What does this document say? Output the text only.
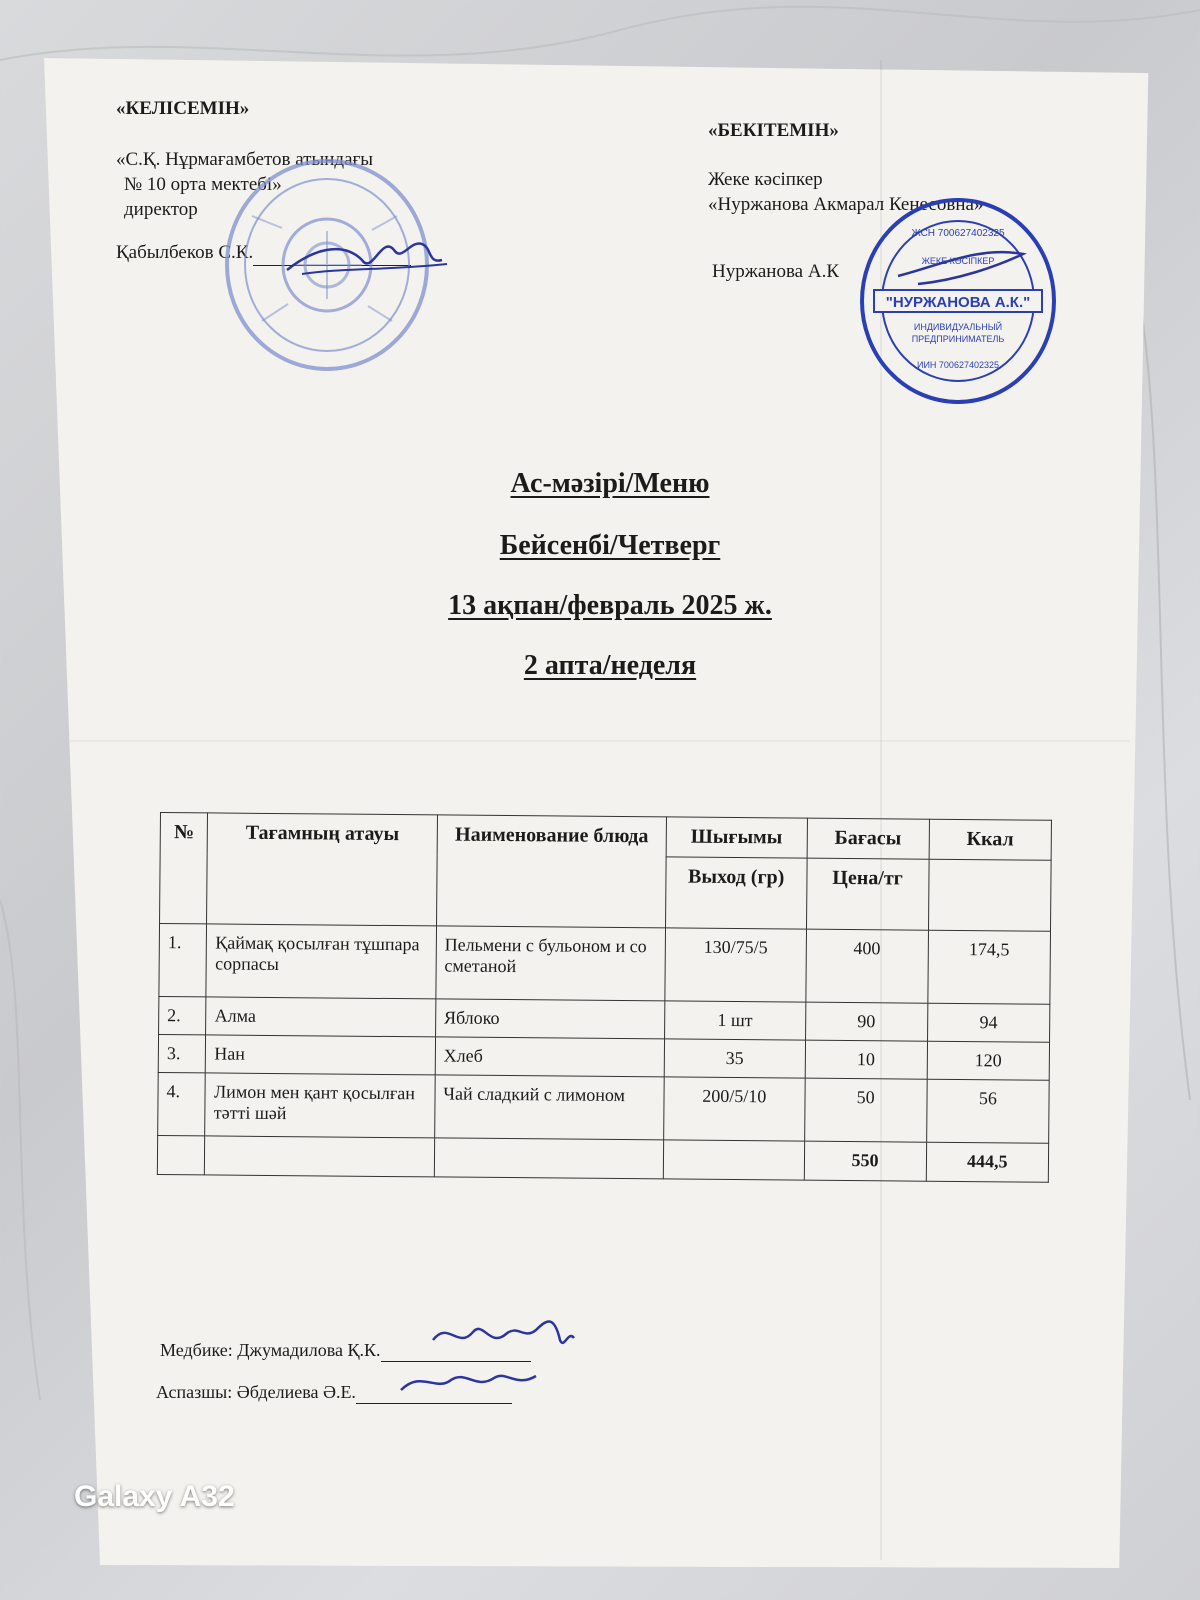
«КЕЛІСЕМІН»
«С.Қ. Нұрмағамбетов атындағы
№ 10 орта мектебі»
директор
Қабылбеков С.К.
«БЕКІТЕМІН»
Жеке кәсіпкер
«Нуржанова Акмарал Кенесовна»
Нуржанова А.К
ЖСН 700627402325
ЖЕКЕ КӘСІПКЕР
"НУРЖАНОВА А.К."
ИНДИВИДУАЛЬНЫЙ
ПРЕДПРИНИМАТЕЛЬ
ИИН 700627402325
Ас-мәзірі/Меню
Бейсенбі/Четверг
13 ақпан/февраль 2025 ж.
2 апта/неделя
№	Тағамның атауы	Наименование блюда	Шығымы	Бағасы	Ккал
			Выход (гр)	Цена/тг	
1.	Қаймақ қосылған тұшпара сорпасы	Пельмени с бульоном и со сметаной	130/75/5	400	174,5
2.	Алма	Яблоко	1 шт	90	94
3.	Нан	Хлеб	35	10	120
4.	Лимон мен қант қосылған тәтті шәй	Чай сладкий с лимоном	200/5/10	50	56
				550	444,5
Медбике: Джумадилова Қ.К.
Аспазшы: Әбделиева Ә.Е.
Galaxy A32
